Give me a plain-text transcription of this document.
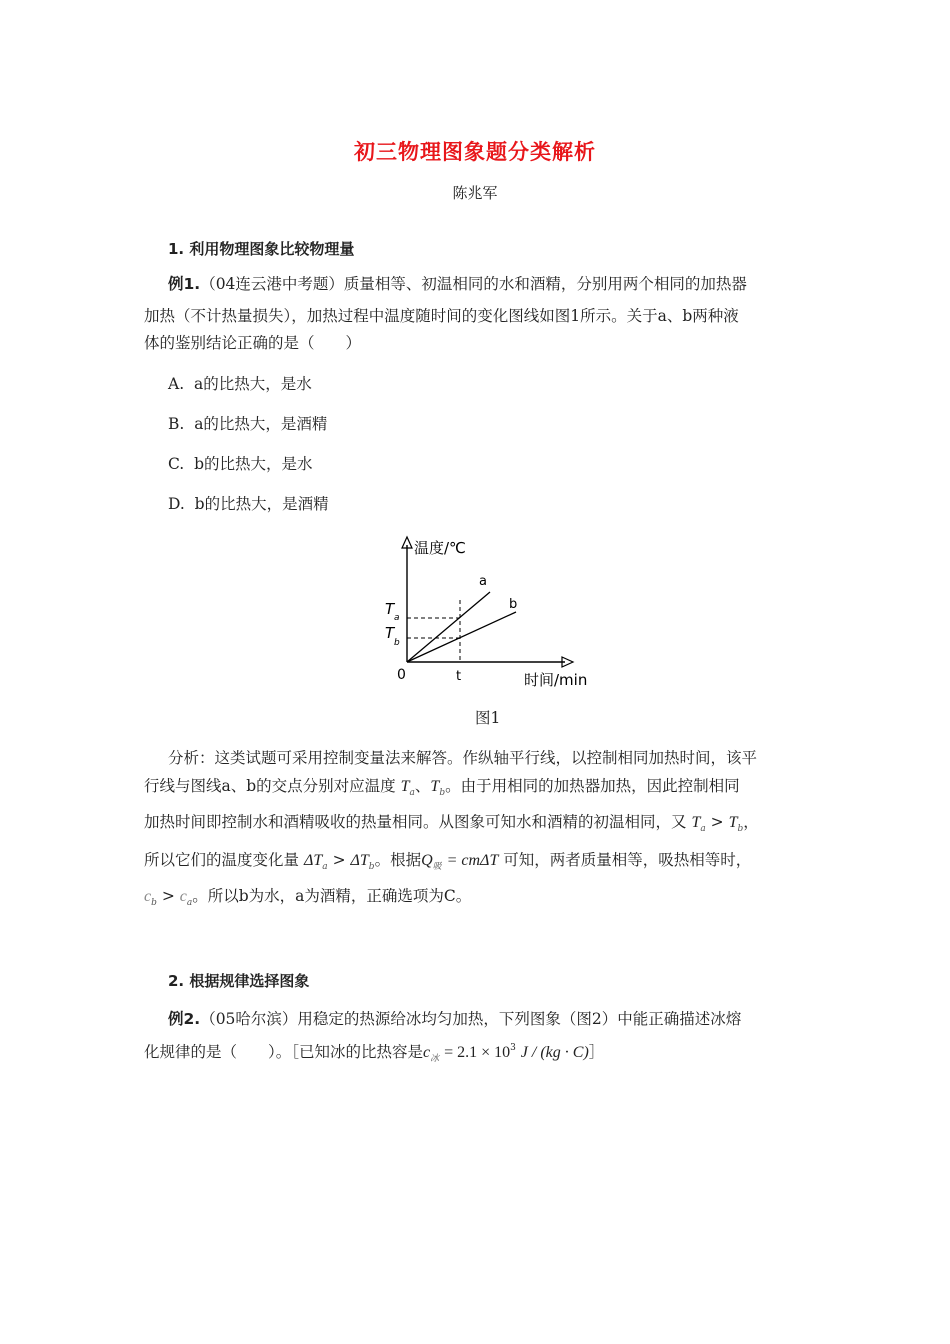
初三物理图象题分类解析
陈兆军
1. 利用物理图象比较物理量
例1.（04连云港中考题）质量相等、初温相同的水和酒精，分别用两个相同的加热器
加热（不计热量损失），加热过程中温度随时间的变化图线如图1所示。关于a、b两种液
体的鉴别结论正确的是（　　）
A. a的比热大，是水
B. a的比热大，是酒精
C. b的比热大，是水
D. b的比热大，是酒精
温度/℃
时间/min
0	t
T a
T
b
a
b
图1
分析：这类试题可采用控制变量法来解答。作纵轴平行线，以控制相同加热时间，该平
行线与图线a、b的交点分别对应温度 $T_a$、$T_b$。由于用相同的加热器加热，因此控制相同
加热时间即控制水和酒精吸收的热量相同。从图象可知水和酒精的初温相同，又 $T_a > T_b$，
所以它们的温度变化量 $\Delta T_a > \Delta T_b$。根据$Q_吸 = cm\Delta T$ 可知，两者质量相等，吸热相等时，
$c_b > c_a$。所以b为水，a为酒精，正确选项为C。
2. 根据规律选择图象
例2.（05哈尔滨）用稳定的热源给冰均匀加热，下列图象（图2）中能正确描述冰熔
化规律的是（　　）。［已知冰的比热容是$c_冰 = 2.1 \times 10^3$ J / (kg · C)］
